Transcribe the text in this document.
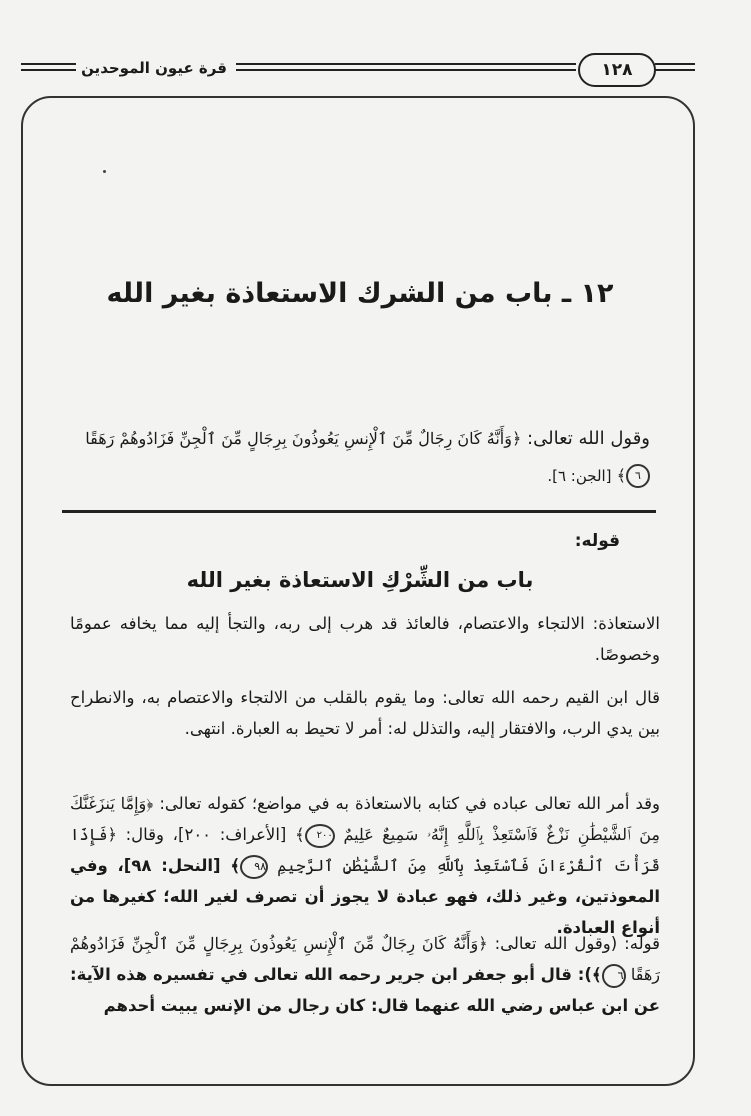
١٢٨
قرة عيون الموحدين
١٢ ـ باب من الشرك الاستعاذة بغير الله
وقول الله تعالى: ﴿وَأَنَّهُ كَانَ رِجَالٌ مِّنَ ٱلْإِنسِ يَعُوذُونَ بِرِجَالٍ مِّنَ ٱلْجِنِّ فَزَادُوهُمْ رَهَقًا ٦﴾ [الجن: ٦].
قوله:
باب من الشِّرْكِ الاستعاذة بغير الله
الاستعاذة: الالتجاء والاعتصام، فالعائذ قد هرب إلى ربه، والتجأ إليه مما يخافه عمومًا وخصوصًا.
قال ابن القيم رحمه الله تعالى: وما يقوم بالقلب من الالتجاء والاعتصام به، والانطراح بين يدي الرب، والافتقار إليه، والتذلل له: أمر لا تحيط به العبارة. انتهى.
وقد أمر الله تعالى عباده في كتابه بالاستعاذة به في مواضع؛ كقوله تعالى: ﴿وَإِمَّا يَنزَغَنَّكَ مِنَ ٱلشَّيْطَٰنِ نَزْغٌ فَٱسْتَعِذْ بِٱللَّهِ إِنَّهُۥ سَمِيعٌ عَلِيمٌ ٢٠٠﴾ [الأعراف: ٢٠٠]، وقال: ﴿فَإِذَا قَرَأْتَ ٱلْقُرْءَانَ فَٱسْتَعِذْ بِٱللَّهِ مِنَ ٱلشَّيْطَٰنِ ٱلرَّجِيمِ ٩٨﴾ [النحل: ٩٨]، وفي المعوذتين، وغير ذلك، فهو عبادة لا يجوز أن تصرف لغير الله؛ كغيرها من أنواع العبادة.
قوله: (وقول الله تعالى: ﴿وَأَنَّهُ كَانَ رِجَالٌ مِّنَ ٱلْإِنسِ يَعُوذُونَ بِرِجَالٍ مِّنَ ٱلْجِنِّ فَزَادُوهُمْ رَهَقًا ٦﴾): قال أبو جعفر ابن جرير رحمه الله تعالى في تفسيره هذه الآية: عن ابن عباس رضي الله عنهما قال: كان رجال من الإنس يبيت أحدهم
